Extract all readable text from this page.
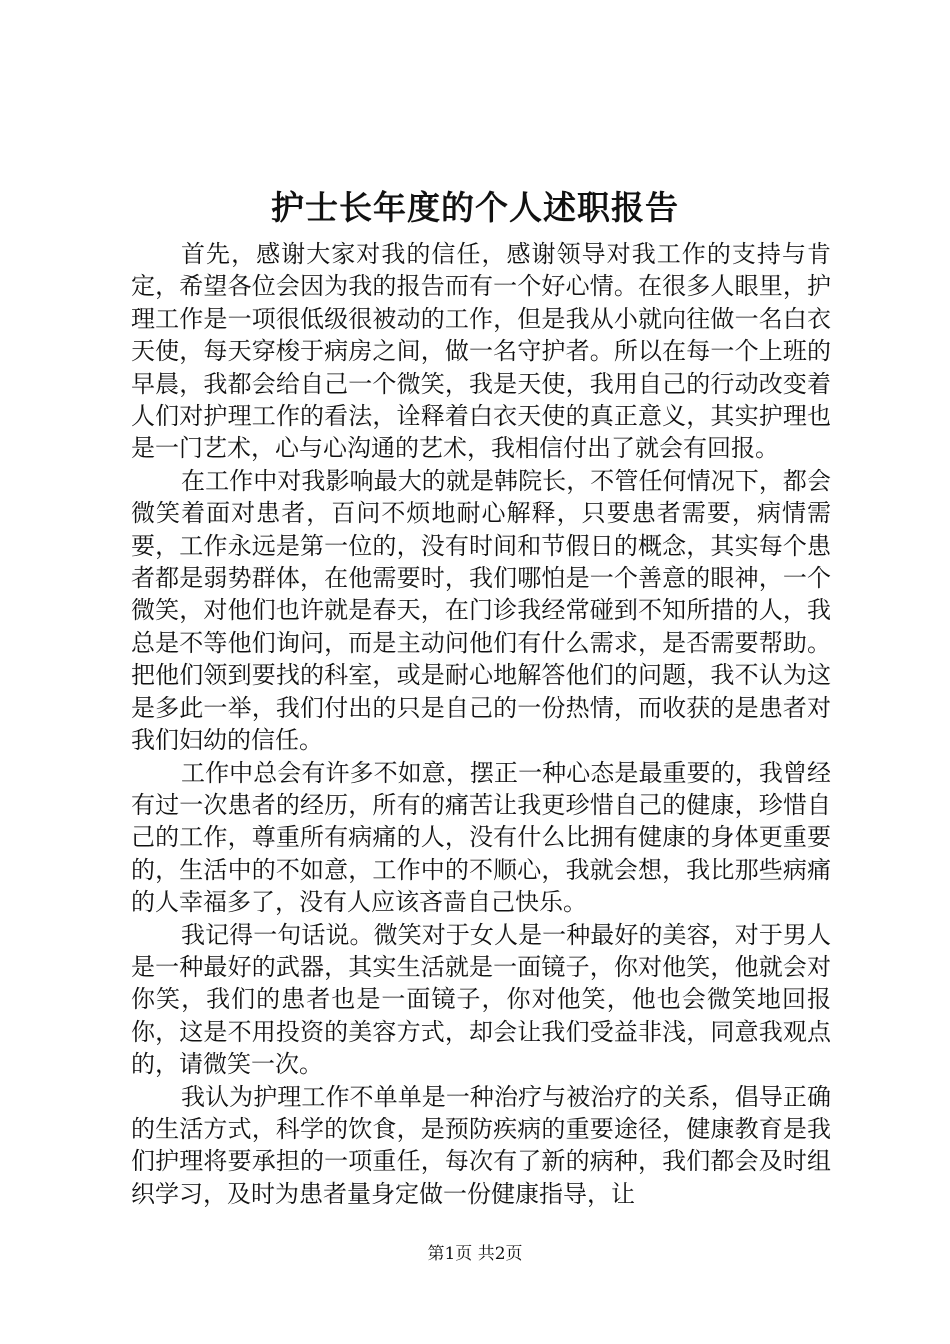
护士长年度的个人述职报告

首先，感谢大家对我的信任，感谢领导对我工作的支持与肯定，希望各位会因为我的报告而有一个好心情。在很多人眼里，护理工作是一项很低级很被动的工作，但是我从小就向往做一名白衣天使，每天穿梭于病房之间，做一名守护者。所以在每一个上班的早晨，我都会给自己一个微笑，我是天使，我用自己的行动改变着人们对护理工作的看法，诠释着白衣天使的真正意义，其实护理也是一门艺术，心与心沟通的艺术，我相信付出了就会有回报。

在工作中对我影响最大的就是韩院长，不管任何情况下，都会微笑着面对患者，百问不烦地耐心解释，只要患者需要，病情需要，工作永远是第一位的，没有时间和节假日的概念，其实每个患者都是弱势群体，在他需要时，我们哪怕是一个善意的眼神，一个微笑，对他们也许就是春天，在门诊我经常碰到不知所措的人，我总是不等他们询问，而是主动问他们有什么需求，是否需要帮助。把他们领到要找的科室，或是耐心地解答他们的问题，我不认为这是多此一举，我们付出的只是自己的一份热情，而收获的是患者对我们妇幼的信任。

工作中总会有许多不如意，摆正一种心态是最重要的，我曾经有过一次患者的经历，所有的痛苦让我更珍惜自己的健康，珍惜自己的工作，尊重所有病痛的人，没有什么比拥有健康的身体更重要的，生活中的不如意，工作中的不顺心，我就会想，我比那些病痛的人幸福多了，没有人应该吝啬自己快乐。

我记得一句话说。微笑对于女人是一种最好的美容，对于男人是一种最好的武器，其实生活就是一面镜子，你对他笑，他就会对你笑，我们的患者也是一面镜子，你对他笑，他也会微笑地回报你，这是不用投资的美容方式，却会让我们受益非浅，同意我观点的，请微笑一次。

我认为护理工作不单单是一种治疗与被治疗的关系，倡导正确的生活方式，科学的饮食，是预防疾病的重要途径，健康教育是我们护理将要承担的一项重任，每次有了新的病种，我们都会及时组织学习，及时为患者量身定做一份健康指导，让

第1页 共2页
